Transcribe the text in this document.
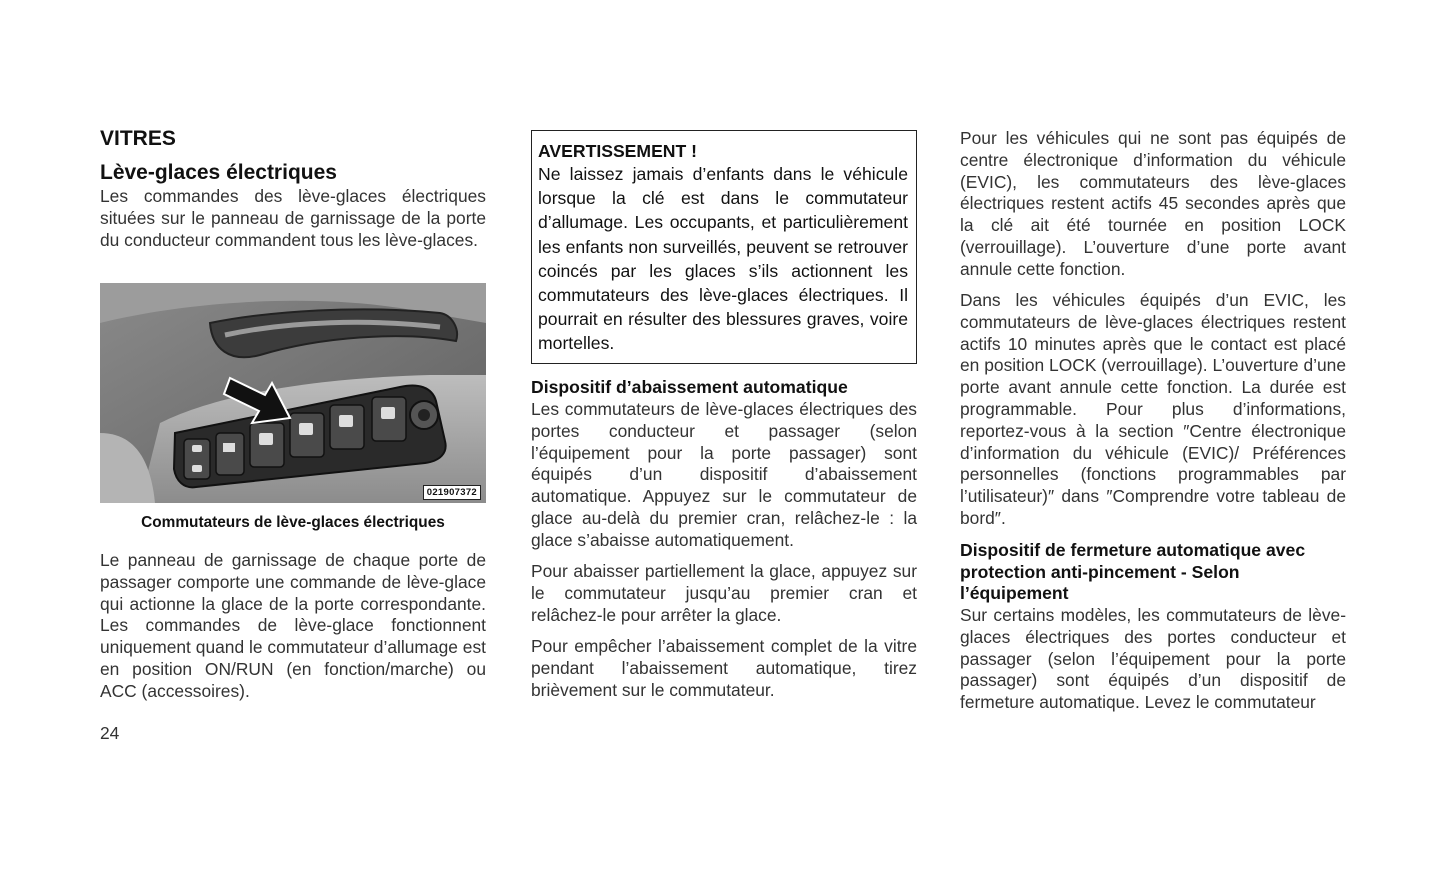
VITRES
Lève-glaces électriques

Les commandes des lève-glaces électriques situées sur le panneau de garnissage de la porte du conducteur commandent tous les lève-glaces.

021907372

Commutateurs de lève-glaces électriques

Le panneau de garnissage de chaque porte de passager comporte une commande de lève-glace qui actionne la glace de la porte correspondante. Les commandes de lève-glace fonctionnent uniquement quand le commutateur d’allumage est en position ON/RUN (en fonction/marche) ou ACC (accessoires).

AVERTISSEMENT !

Ne laissez jamais d’enfants dans le véhicule lorsque la clé est dans le commutateur d’allumage. Les occupants, et particulièrement les enfants non surveillés, peuvent se retrouver coincés par les glaces s’ils actionnent les commutateurs des lève-glaces électriques. Il pourrait en résulter des blessures graves, voire mortelles.

Dispositif d’abaissement automatique

Les commutateurs de lève-glaces électriques des portes conducteur et passager (selon l’équipement pour la porte passager) sont équipés d’un dispositif d’abaissement automatique. Appuyez sur le commutateur de glace au-delà du premier cran, relâchez-le : la glace s’abaisse automatiquement.

Pour abaisser partiellement la glace, appuyez sur le commutateur jusqu’au premier cran et relâchez-le pour arrêter la glace.

Pour empêcher l’abaissement complet de la vitre pendant l’abaissement automatique, tirez brièvement sur le commutateur.

Pour les véhicules qui ne sont pas équipés de centre électronique d’information du véhicule (EVIC), les commutateurs des lève-glaces électriques restent actifs 45 secondes après que la clé ait été tournée en position LOCK (verrouillage). L’ouverture d’une porte avant annule cette fonction.

Dans les véhicules équipés d’un EVIC, les commutateurs de lève-glaces électriques restent actifs 10 minutes après que le contact est placé en position LOCK (verrouillage). L’ouverture d’une porte avant annule cette fonction. La durée est programmable. Pour plus d’informations, reportez-vous à la section ″Centre électronique d’information du véhicule (EVIC)/ Préférences personnelles (fonctions programmables par l’utilisateur)″ dans ″Comprendre votre tableau de bord″.

Dispositif de fermeture automatique avec protection anti-pincement - Selon l’équipement

Sur certains modèles, les commutateurs de lève-glaces électriques des portes conducteur et passager (selon l’équipement pour la porte passager) sont équipés d’un dispositif de fermeture automatique. Levez le commutateur

24
